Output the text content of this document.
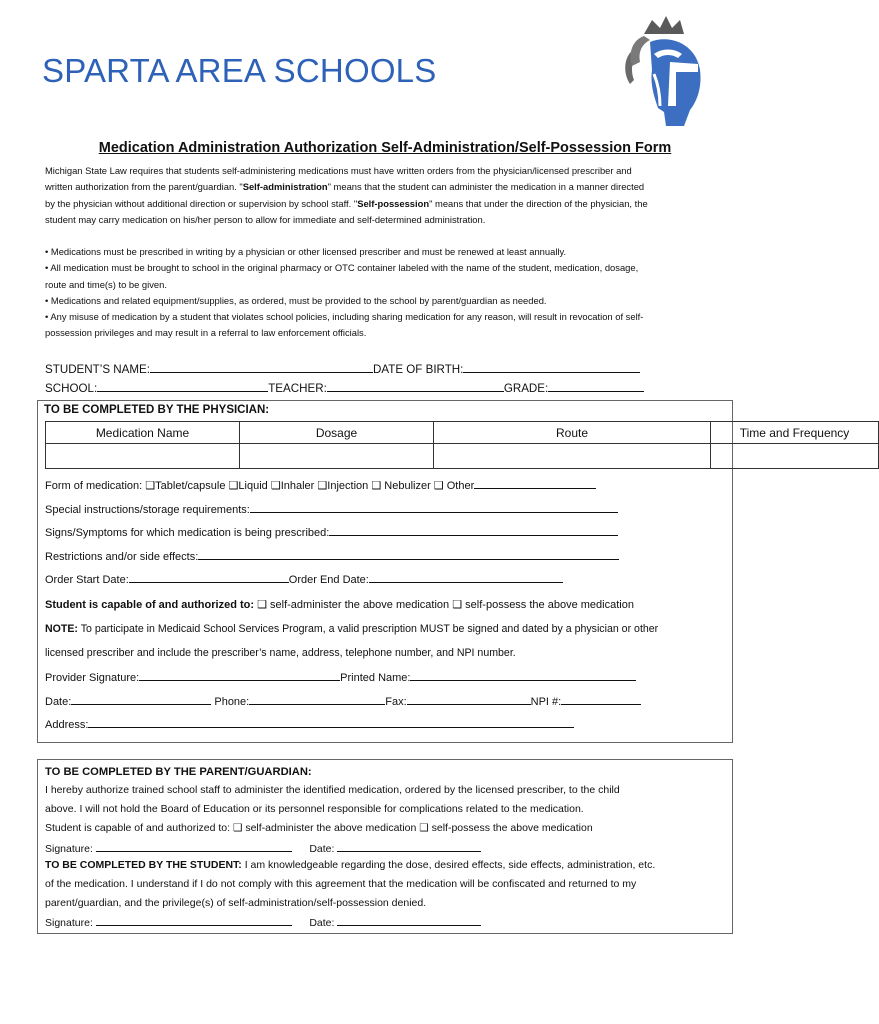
SPARTA AREA SCHOOLS
Medication Administration Authorization Self-Administration/Self-Possession Form
Michigan State Law requires that students self-administering medications must have written orders from the physician/licensed prescriber and
written authorization from the parent/guardian. "Self-administration" means that the student can administer the medication in a manner directed
by the physician without additional direction or supervision by school staff. "Self-possession" means that under the direction of the physician, the
student may carry medication on his/her person to allow for immediate and self-determined administration.
• Medications must be prescribed in writing by a physician or other licensed prescriber and must be renewed at least annually.
• All medication must be brought to school in the original pharmacy or OTC container labeled with the name of the student, medication, dosage,
route and time(s) to be given.
• Medications and related equipment/supplies, as ordered, must be provided to the school by parent/guardian as needed.
• Any misuse of medication by a student that violates school policies, including sharing medication for any reason, will result in revocation of self-
possession privileges and may result in a referral to law enforcement officials.
STUDENT’S NAME:	DATE OF BIRTH:
SCHOOL:	TEACHER:	GRADE:
TO BE COMPLETED BY THE PHYSICIAN:
Medication Name	Dosage	Route	Time and Frequency

Form of medication: ❑Tablet/capsule ❑Liquid ❑Inhaler ❑Injection ❑ Nebulizer ❑ Other
Special instructions/storage requirements:
Signs/Symptoms for which medication is being prescribed:
Restrictions and/or side effects:
Order Start Date:	Order End Date:
Student is capable of and authorized to: ❑ self-administer the above medication ❑ self-possess the above medication
NOTE: To participate in Medicaid School Services Program, a valid prescription MUST be signed and dated by a physician or other
licensed prescriber and include the prescriber’s name, address, telephone number, and NPI number.
Provider Signature:	Printed Name:
Date:	Phone:	Fax:	NPI #:
Address:
TO BE COMPLETED BY THE PARENT/GUARDIAN:
I hereby authorize trained school staff to administer the identified medication, ordered by the licensed prescriber, to the child
above. I will not hold the Board of Education or its personnel responsible for complications related to the medication.
Student is capable of and authorized to: ❑ self-administer the above medication ❑ self-possess the above medication
Signature:	Date:
TO BE COMPLETED BY THE STUDENT: I am knowledgeable regarding the dose, desired effects, side effects, administration, etc.
of the medication. I understand if I do not comply with this agreement that the medication will be confiscated and returned to my
parent/guardian, and the privilege(s) of self-administration/self-possession denied.
Signature:	Date:
